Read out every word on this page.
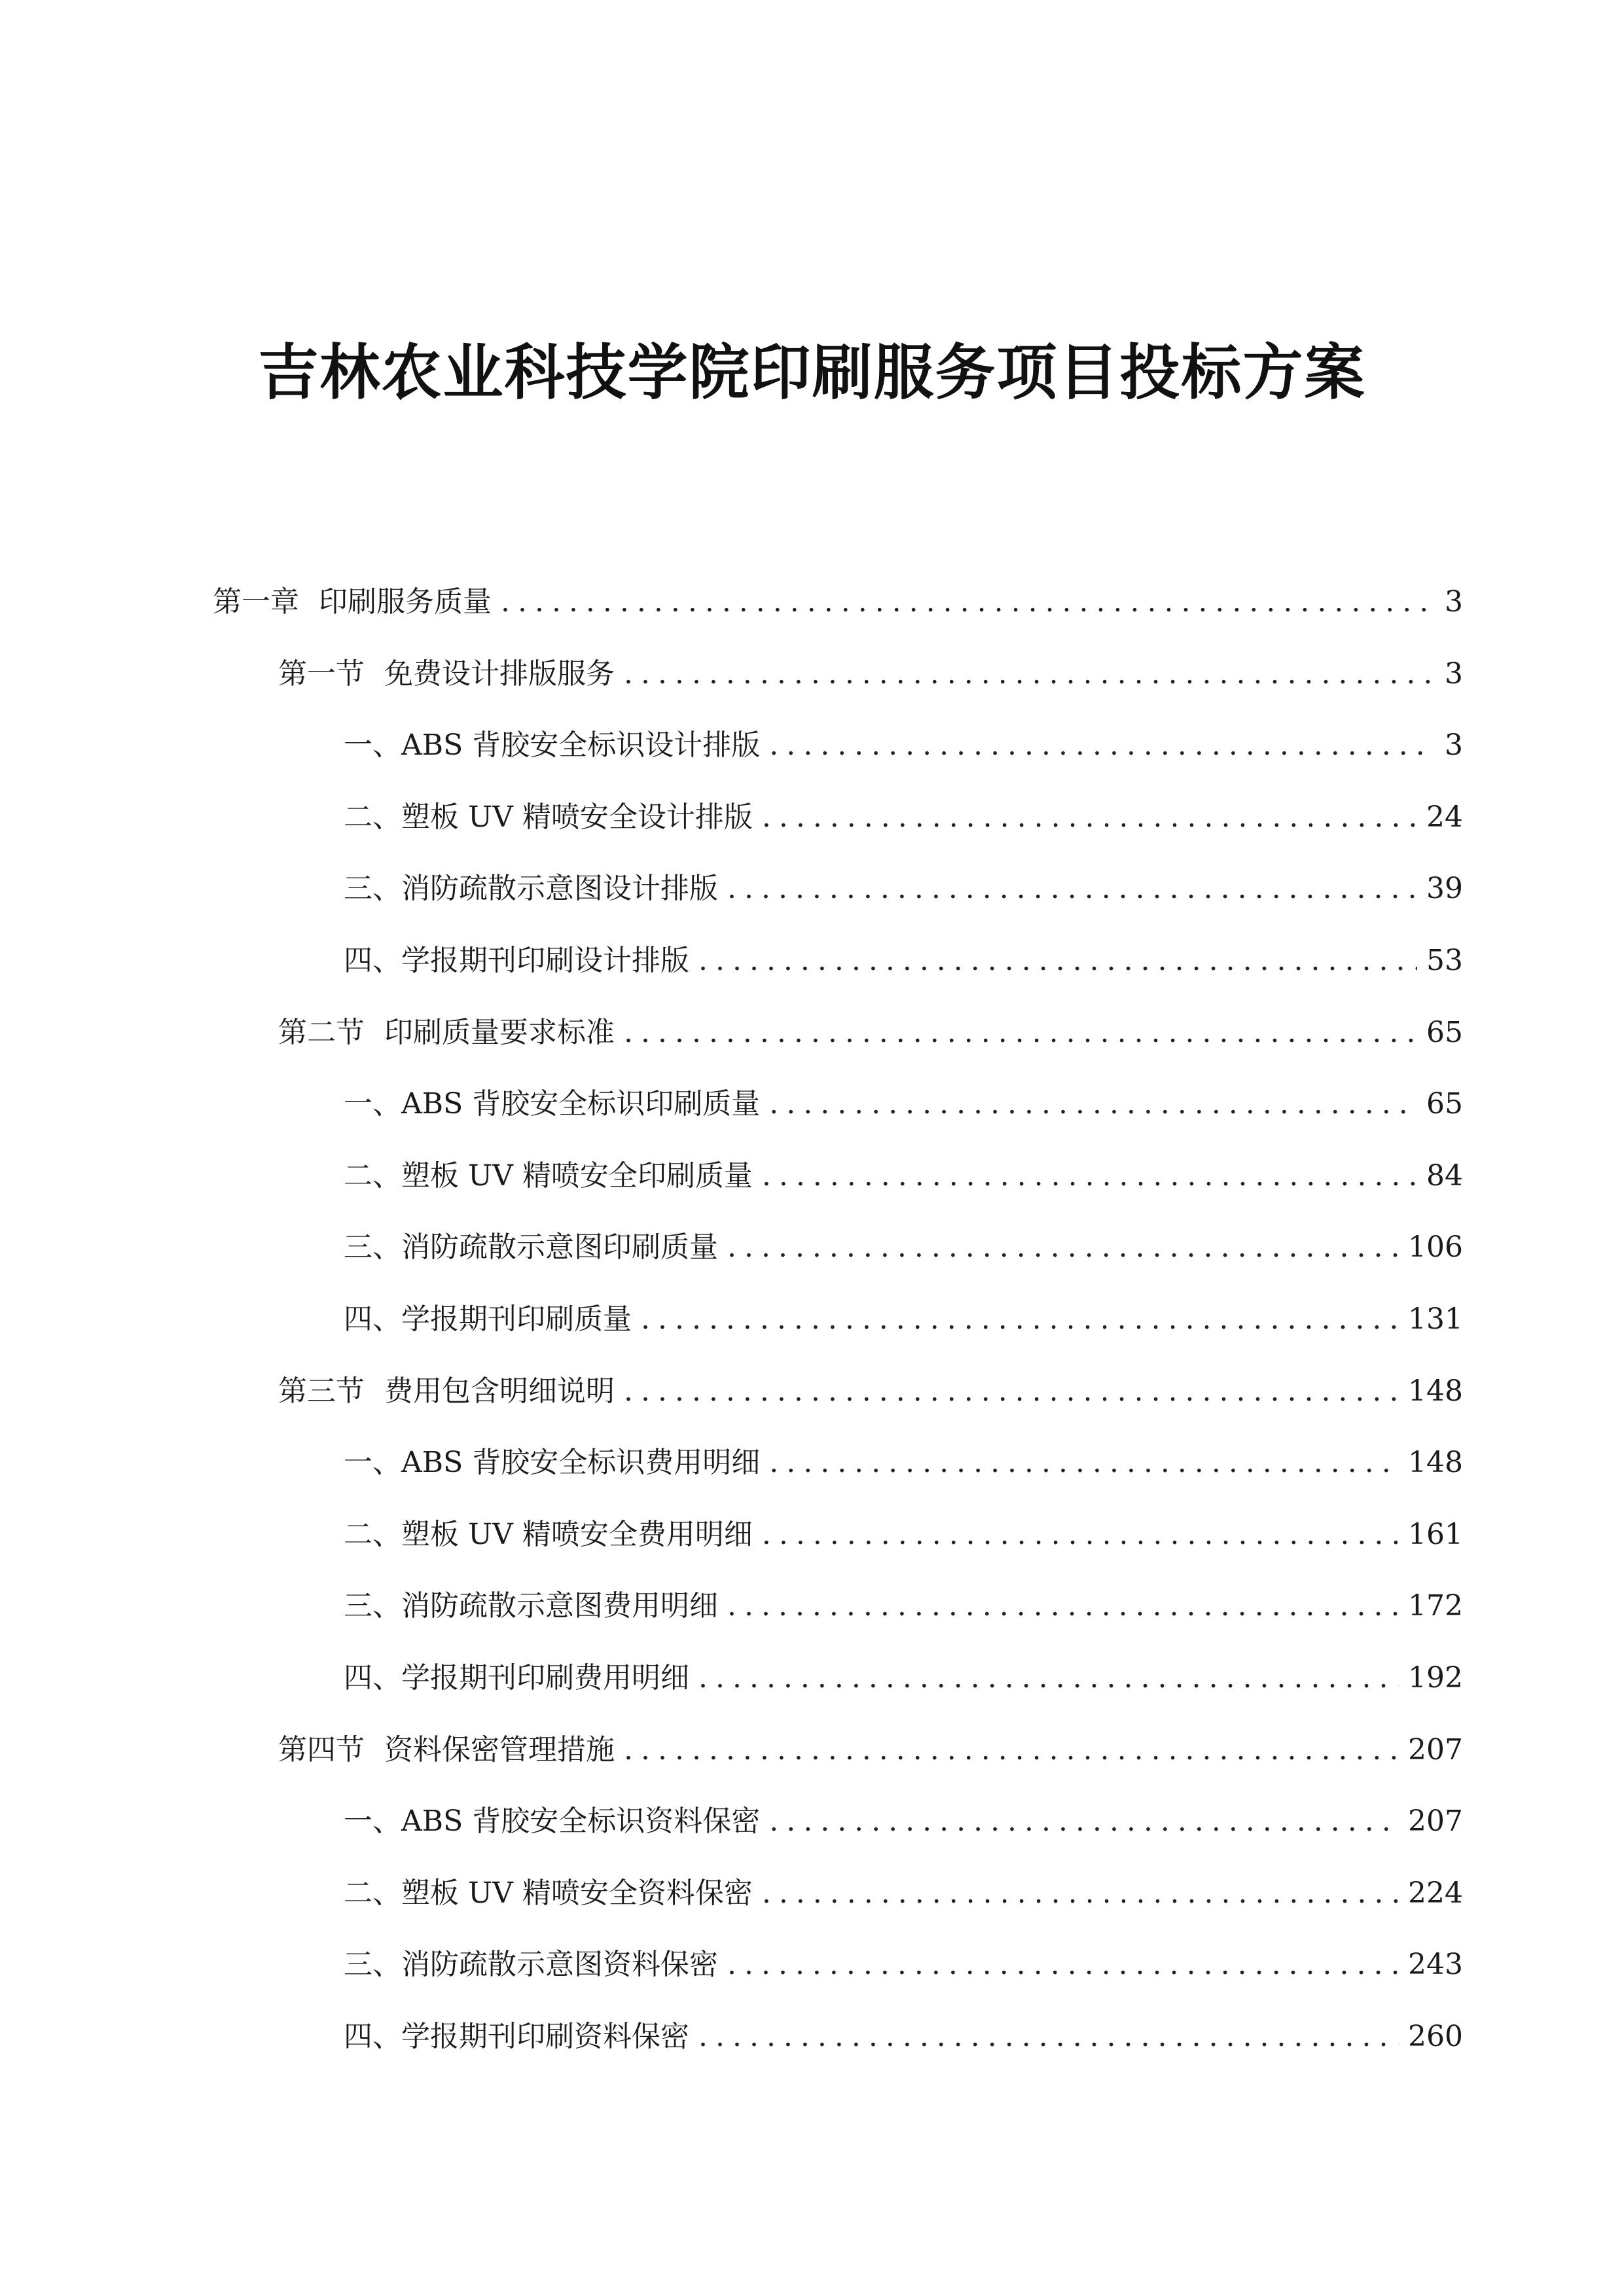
吉林农业科技学院印刷服务项目投标方案
第一章 印刷服务质量 .....	3
第一节 免费设计排版服务 .....	3
一、 ABS 背胶安全标识设计排版 .....	3
二、 塑板 UV 精喷安全设计排版 .....	24
三、 消防疏散示意图设计排版 .....	39
四、 学报期刊印刷设计排版 .....	53
第二节 印刷质量要求标准 .....	65
一、 ABS 背胶安全标识印刷质量 .....	65
二、 塑板 UV 精喷安全印刷质量 .....	84
三、 消防疏散示意图印刷质量 .....	106
四、 学报期刊印刷质量 .....	131
第三节 费用包含明细说明 .....	148
一、 ABS 背胶安全标识费用明细 .....	148
二、 塑板 UV 精喷安全费用明细 .....	161
三、 消防疏散示意图费用明细 .....	172
四、 学报期刊印刷费用明细 .....	192
第四节 资料保密管理措施 .....	207
一、 ABS 背胶安全标识资料保密 .....	207
二、 塑板 UV 精喷安全资料保密 .....	224
三、 消防疏散示意图资料保密 .....	243
四、 学报期刊印刷资料保密 .....	260
